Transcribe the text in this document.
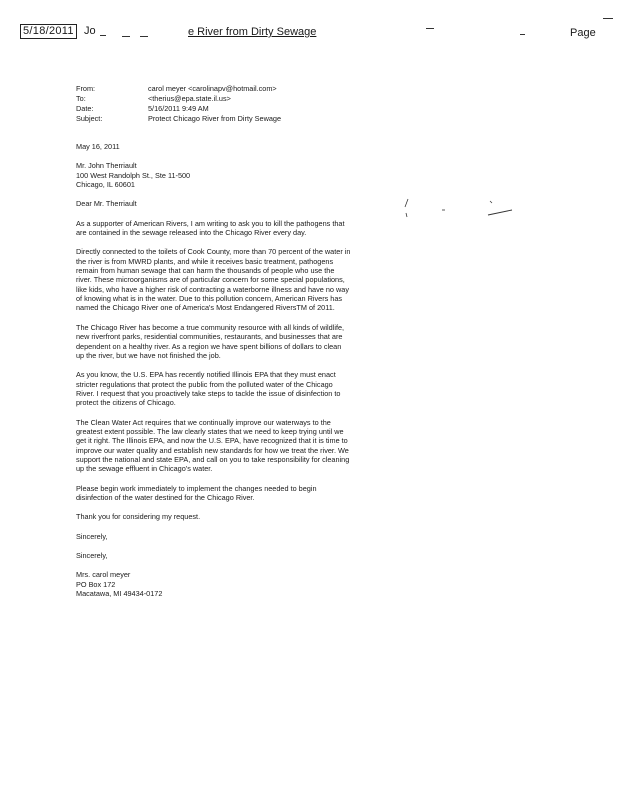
5/18/2011 Jo	e River from Dirty Sewage	Page
From:	carol meyer <carolinapv@hotmail.com>
To:	<therius@epa.state.il.us>
Date:	5/16/2011 9:49 AM
Subject:	Protect Chicago River from Dirty Sewage

May 16, 2011

Mr. John Therriault
100 West Randolph St., Ste 11-500
Chicago, IL 60601

Dear Mr. Therriault

As a supporter of American Rivers, I am writing to ask you to kill the pathogens that are contained in the sewage released into the Chicago River every day.

Directly connected to the toilets of Cook County, more than 70 percent of the water in the river is from MWRD plants, and while it receives basic treatment, pathogens remain from human sewage that can harm the thousands of people who use the river. These microorganisms are of particular concern for some special populations, like kids, who have a higher risk of contracting a waterborne illness and have no way of knowing what is in the water. Due to this pollution concern, American Rivers has named the Chicago River one of America's Most Endangered RiversTM of 2011.

The Chicago River has become a true community resource with all kinds of wildlife, new riverfront parks, residential communities, restaurants, and businesses that are dependent on a healthy river. As a region we have spent billions of dollars to clean up the river, but we have not finished the job.

As you know, the U.S. EPA has recently notified Illinois EPA that they must enact stricter regulations that protect the public from the polluted water of the Chicago River. I request that you proactively take steps to tackle the issue of disinfection to protect the citizens of Chicago.

The Clean Water Act requires that we continually improve our waterways to the greatest extent possible. The law clearly states that we need to keep trying until we get it right. The Illinois EPA, and now the U.S. EPA, have recognized that it is time to improve our water quality and establish new standards for how we treat the river. We support the national and state EPA, and call on you to take responsibility for cleaning up the sewage effluent in Chicago's water.

Please begin work immediately to implement the changes needed to begin disinfection of the water destined for the Chicago River.

Thank you for considering my request.

Sincerely,

Sincerely,

Mrs. carol meyer
PO Box 172
Macatawa, MI 49434-0172
